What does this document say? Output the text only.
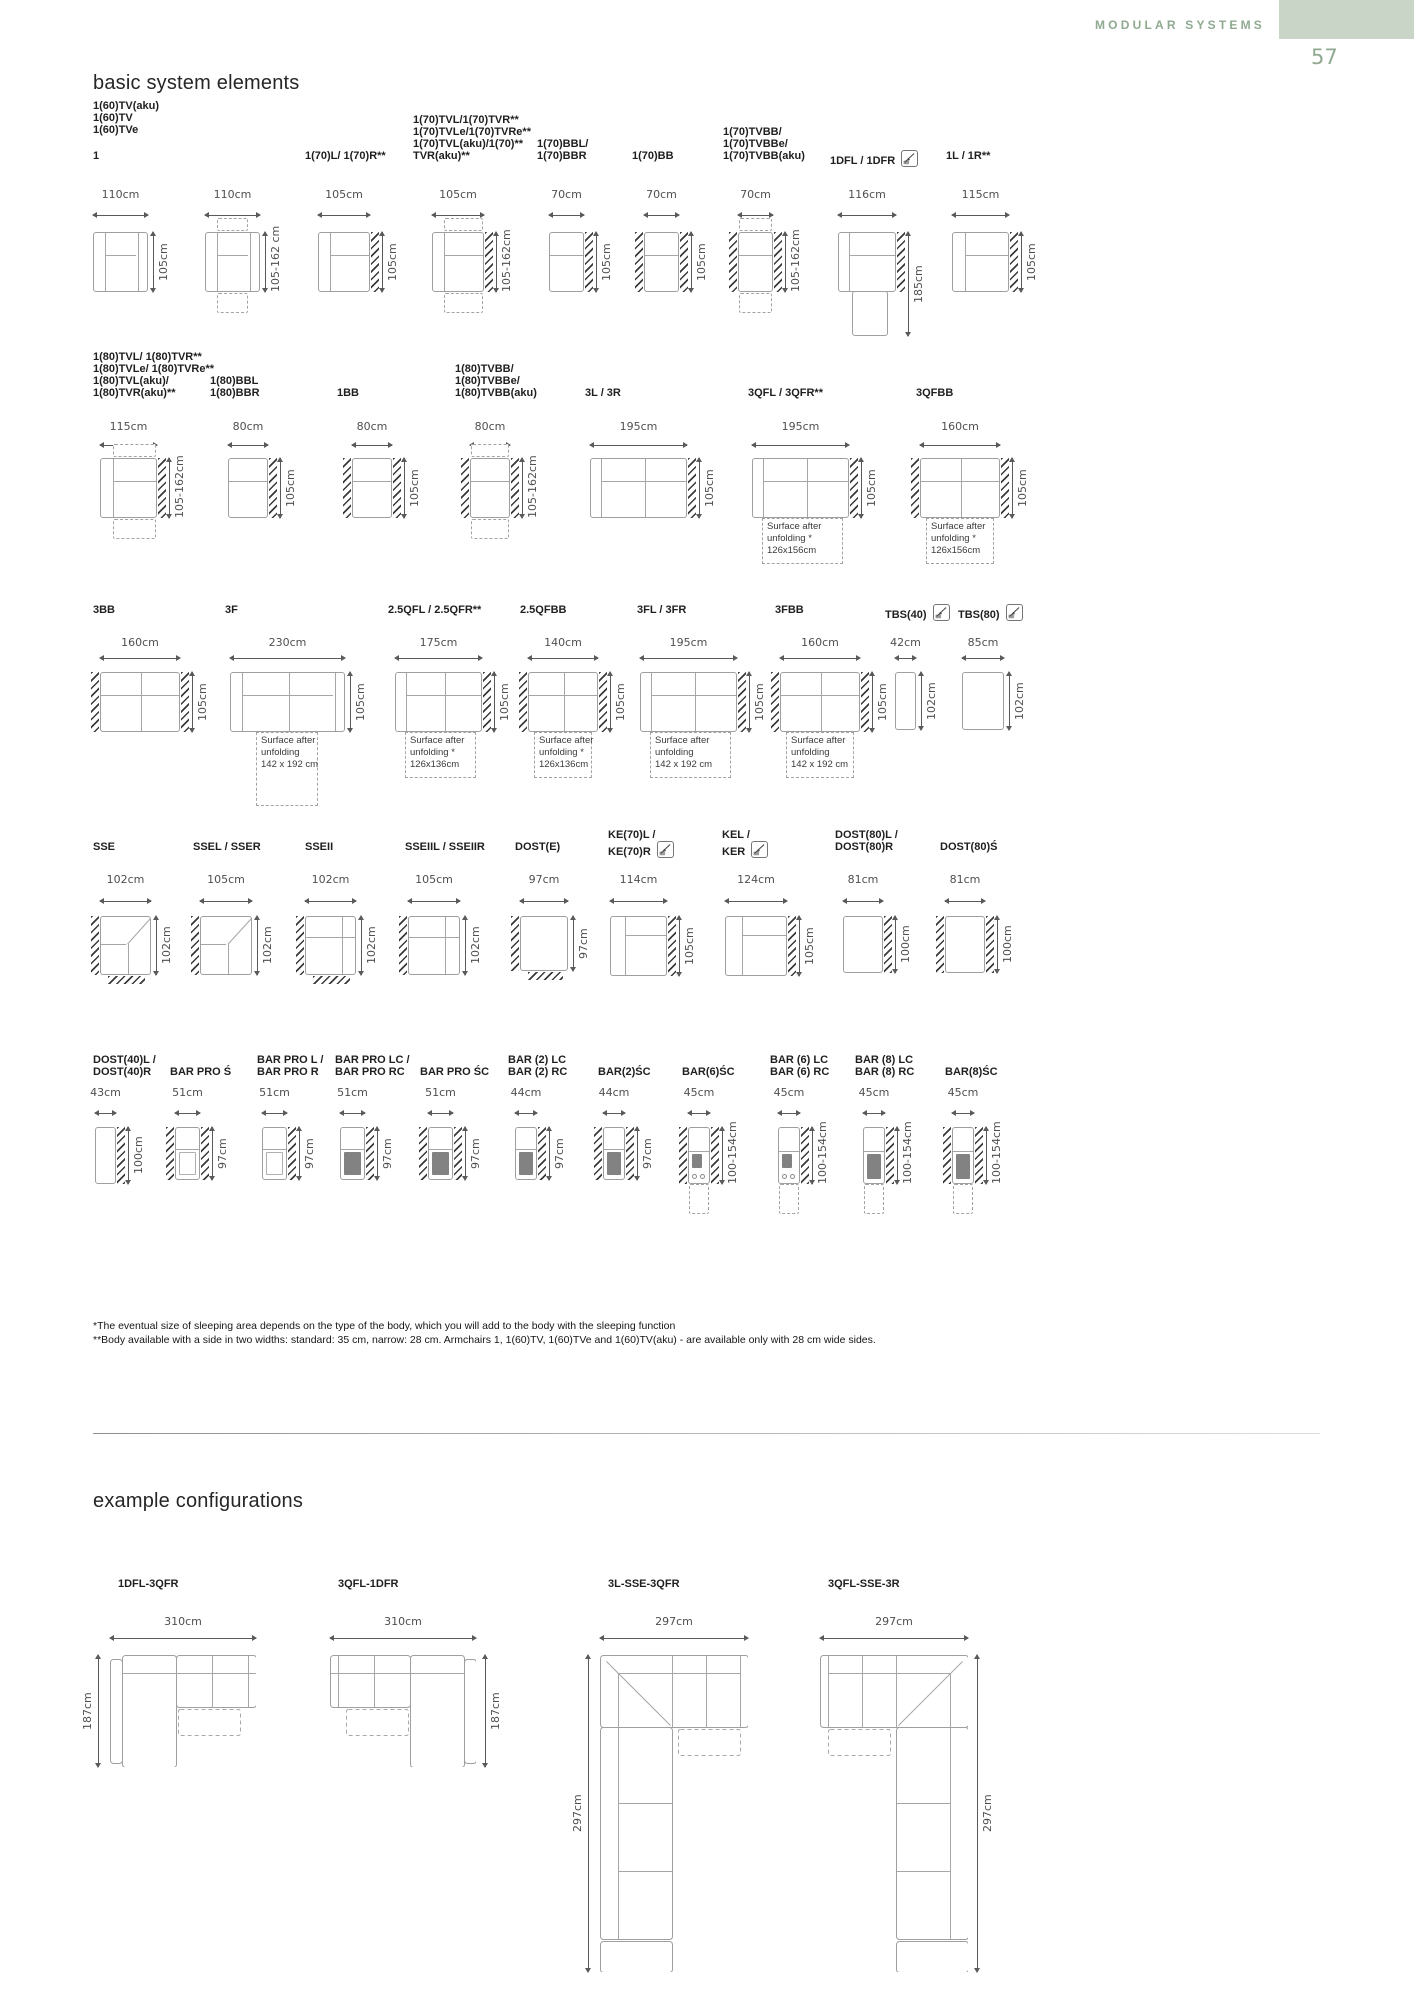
MODULAR SYSTEMS
57
basic system elements
1(60)TV(aku)
1(60)TV
1(60)TVe
1
110cm
105cm
110cm
105-162 cm
1(70)L/ 1(70)R**
105cm
105cm
1(70)TVL/1(70)TVR**
1(70)TVLe/1(70)TVRe**
1(70)TVL(aku)/1(70)**
TVR(aku)**
105cm
105-162cm
1(70)BBL/
1(70)BBR
70cm
105cm
1(70)BB
70cm
105cm
1(70)TVBB/
1(70)TVBBe/
1(70)TVBB(aku)
70cm
105-162cm
1DFL / 1DFR
116cm
185cm
1L / 1R**
115cm
105cm
1(80)TVL/ 1(80)TVR**
1(80)TVLe/ 1(80)TVRe**
1(80)TVL(aku)/
1(80)TVR(aku)**
115cm
105-162cm
1(80)BBL
1(80)BBR
80cm
105cm
1BB
80cm
105cm
1(80)TVBB/
1(80)TVBBe/
1(80)TVBB(aku)
80cm
105-162cm
3L / 3R
195cm
105cm
3QFL / 3QFR**
195cm
Surface after
unfolding *
126x156cm
105cm
3QFBB
160cm
Surface after
unfolding *
126x156cm
105cm
3BB
160cm
105cm
3F
230cm
Surface after
unfolding
142 x 192 cm
105cm
2.5QFL / 2.5QFR**
175cm
Surface after
unfolding *
126x136cm
105cm
2.5QFBB
140cm
Surface after
unfolding *
126x136cm
105cm
3FL / 3FR
195cm
Surface after
unfolding
142 x 192 cm
105cm
3FBB
160cm
Surface after
unfolding
142 x 192 cm
105cm
TBS(40)
42cm
102cm
TBS(80)
85cm
102cm
SSE
102cm
102cm
SSEL / SSER
105cm
102cm
SSEII
102cm
102cm
SSEIIL / SSEIIR
105cm
102cm
DOST(E)
97cm
97cm
KE(70)L /
KE(70)R
114cm
105cm
KEL /
KER
124cm
105cm
DOST(80)L /
DOST(80)R
81cm
100cm
DOST(80)Ś
81cm
100cm
DOST(40)L /
DOST(40)R
43cm
100cm
BAR PRO Ś
51cm
97cm
BAR PRO L /
BAR PRO R
51cm
97cm
BAR PRO LC /
BAR PRO RC
51cm
97cm
BAR PRO ŚC
51cm
97cm
BAR (2) LC
BAR (2) RC
44cm
97cm
BAR(2)ŚC
44cm
97cm
BAR(6)ŚC
45cm
100-154cm
BAR (6) LC
BAR (6) RC
45cm
100-154cm
BAR (8) LC
BAR (8) RC
45cm
100-154cm
BAR(8)ŚC
45cm
100-154cm
*The eventual size of sleeping area depends on the type of the body, which you will add to the body with the sleeping function
**Body available with a side in two widths: standard: 35 cm, narrow: 28 cm. Armchairs 1, 1(60)TV, 1(60)TVe and 1(60)TV(aku) - are available only with 28 cm wide sides.
example configurations
1DFL-3QFR
310cm
187cm
3QFL-1DFR
310cm
187cm
3L-SSE-3QFR
297cm
297cm
3QFL-SSE-3R
297cm
297cm
